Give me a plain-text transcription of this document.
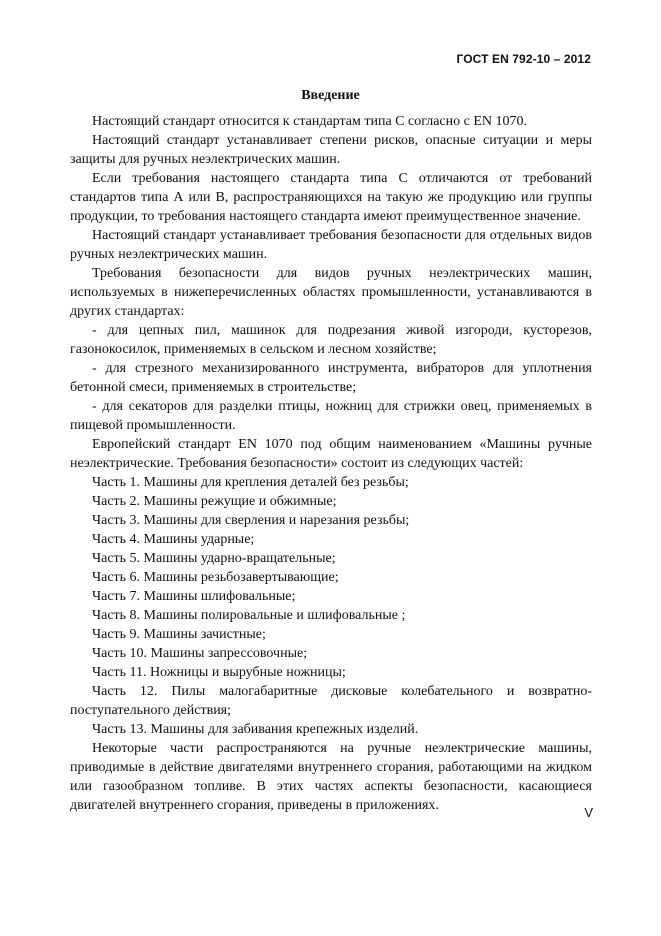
ГОСТ EN 792-10 – 2012
Введение

Настоящий стандарт относится к стандартам типа С согласно с EN 1070.

Настоящий стандарт устанавливает степени рисков, опасные ситуации и меры защиты для ручных неэлектрических машин.

Если требования настоящего стандарта типа С отличаются от требований стандартов типа А или В, распространяющихся на такую же продукцию или группы продукции, то требования настоящего стандарта имеют преимущественное значение.

Настоящий стандарт устанавливает требования безопасности для отдельных видов ручных неэлектрических машин.

Требования безопасности для видов ручных неэлектрических машин, используемых в нижеперечисленных областях промышленности, устанавливаются в других стандартах:

- для цепных пил, машинок для подрезания живой изгороди, кусторезов, газонокосилок, применяемых в сельском и лесном хозяйстве;

- для стрезного механизированного инструмента, вибраторов для уплотнения бетонной смеси, применяемых в строительстве;

- для секаторов для разделки птицы, ножниц для стрижки овец, применяемых в пищевой промышленности.

Европейский стандарт EN 1070 под общим наименованием «Машины ручные неэлектрические. Требования безопасности» состоит из следующих частей:

Часть 1. Машины для крепления деталей без резьбы;

Часть 2. Машины режущие и обжимные;

Часть 3. Машины для сверления и нарезания резьбы;

Часть 4. Машины ударные;

Часть 5. Машины ударно-вращательные;

Часть 6. Машины резьбозавертывающие;

Часть 7. Машины шлифовальные;

Часть 8. Машины полировальные и шлифовальные ;

Часть 9. Машины зачистные;

Часть 10. Машины запрессовочные;

Часть 11. Ножницы и вырубные ножницы;

Часть 12. Пилы малогабаритные дисковые колебательного и возвратно-поступательного действия;

Часть 13. Машины для забивания крепежных изделий.

Некоторые части распространяются на ручные неэлектрические машины, приводимые в действие двигателями внутреннего сгорания, работающими на жидком или газообразном топливе. В этих частях аспекты безопасности, касающиеся двигателей внутреннего сгорания, приведены в приложениях.	V
